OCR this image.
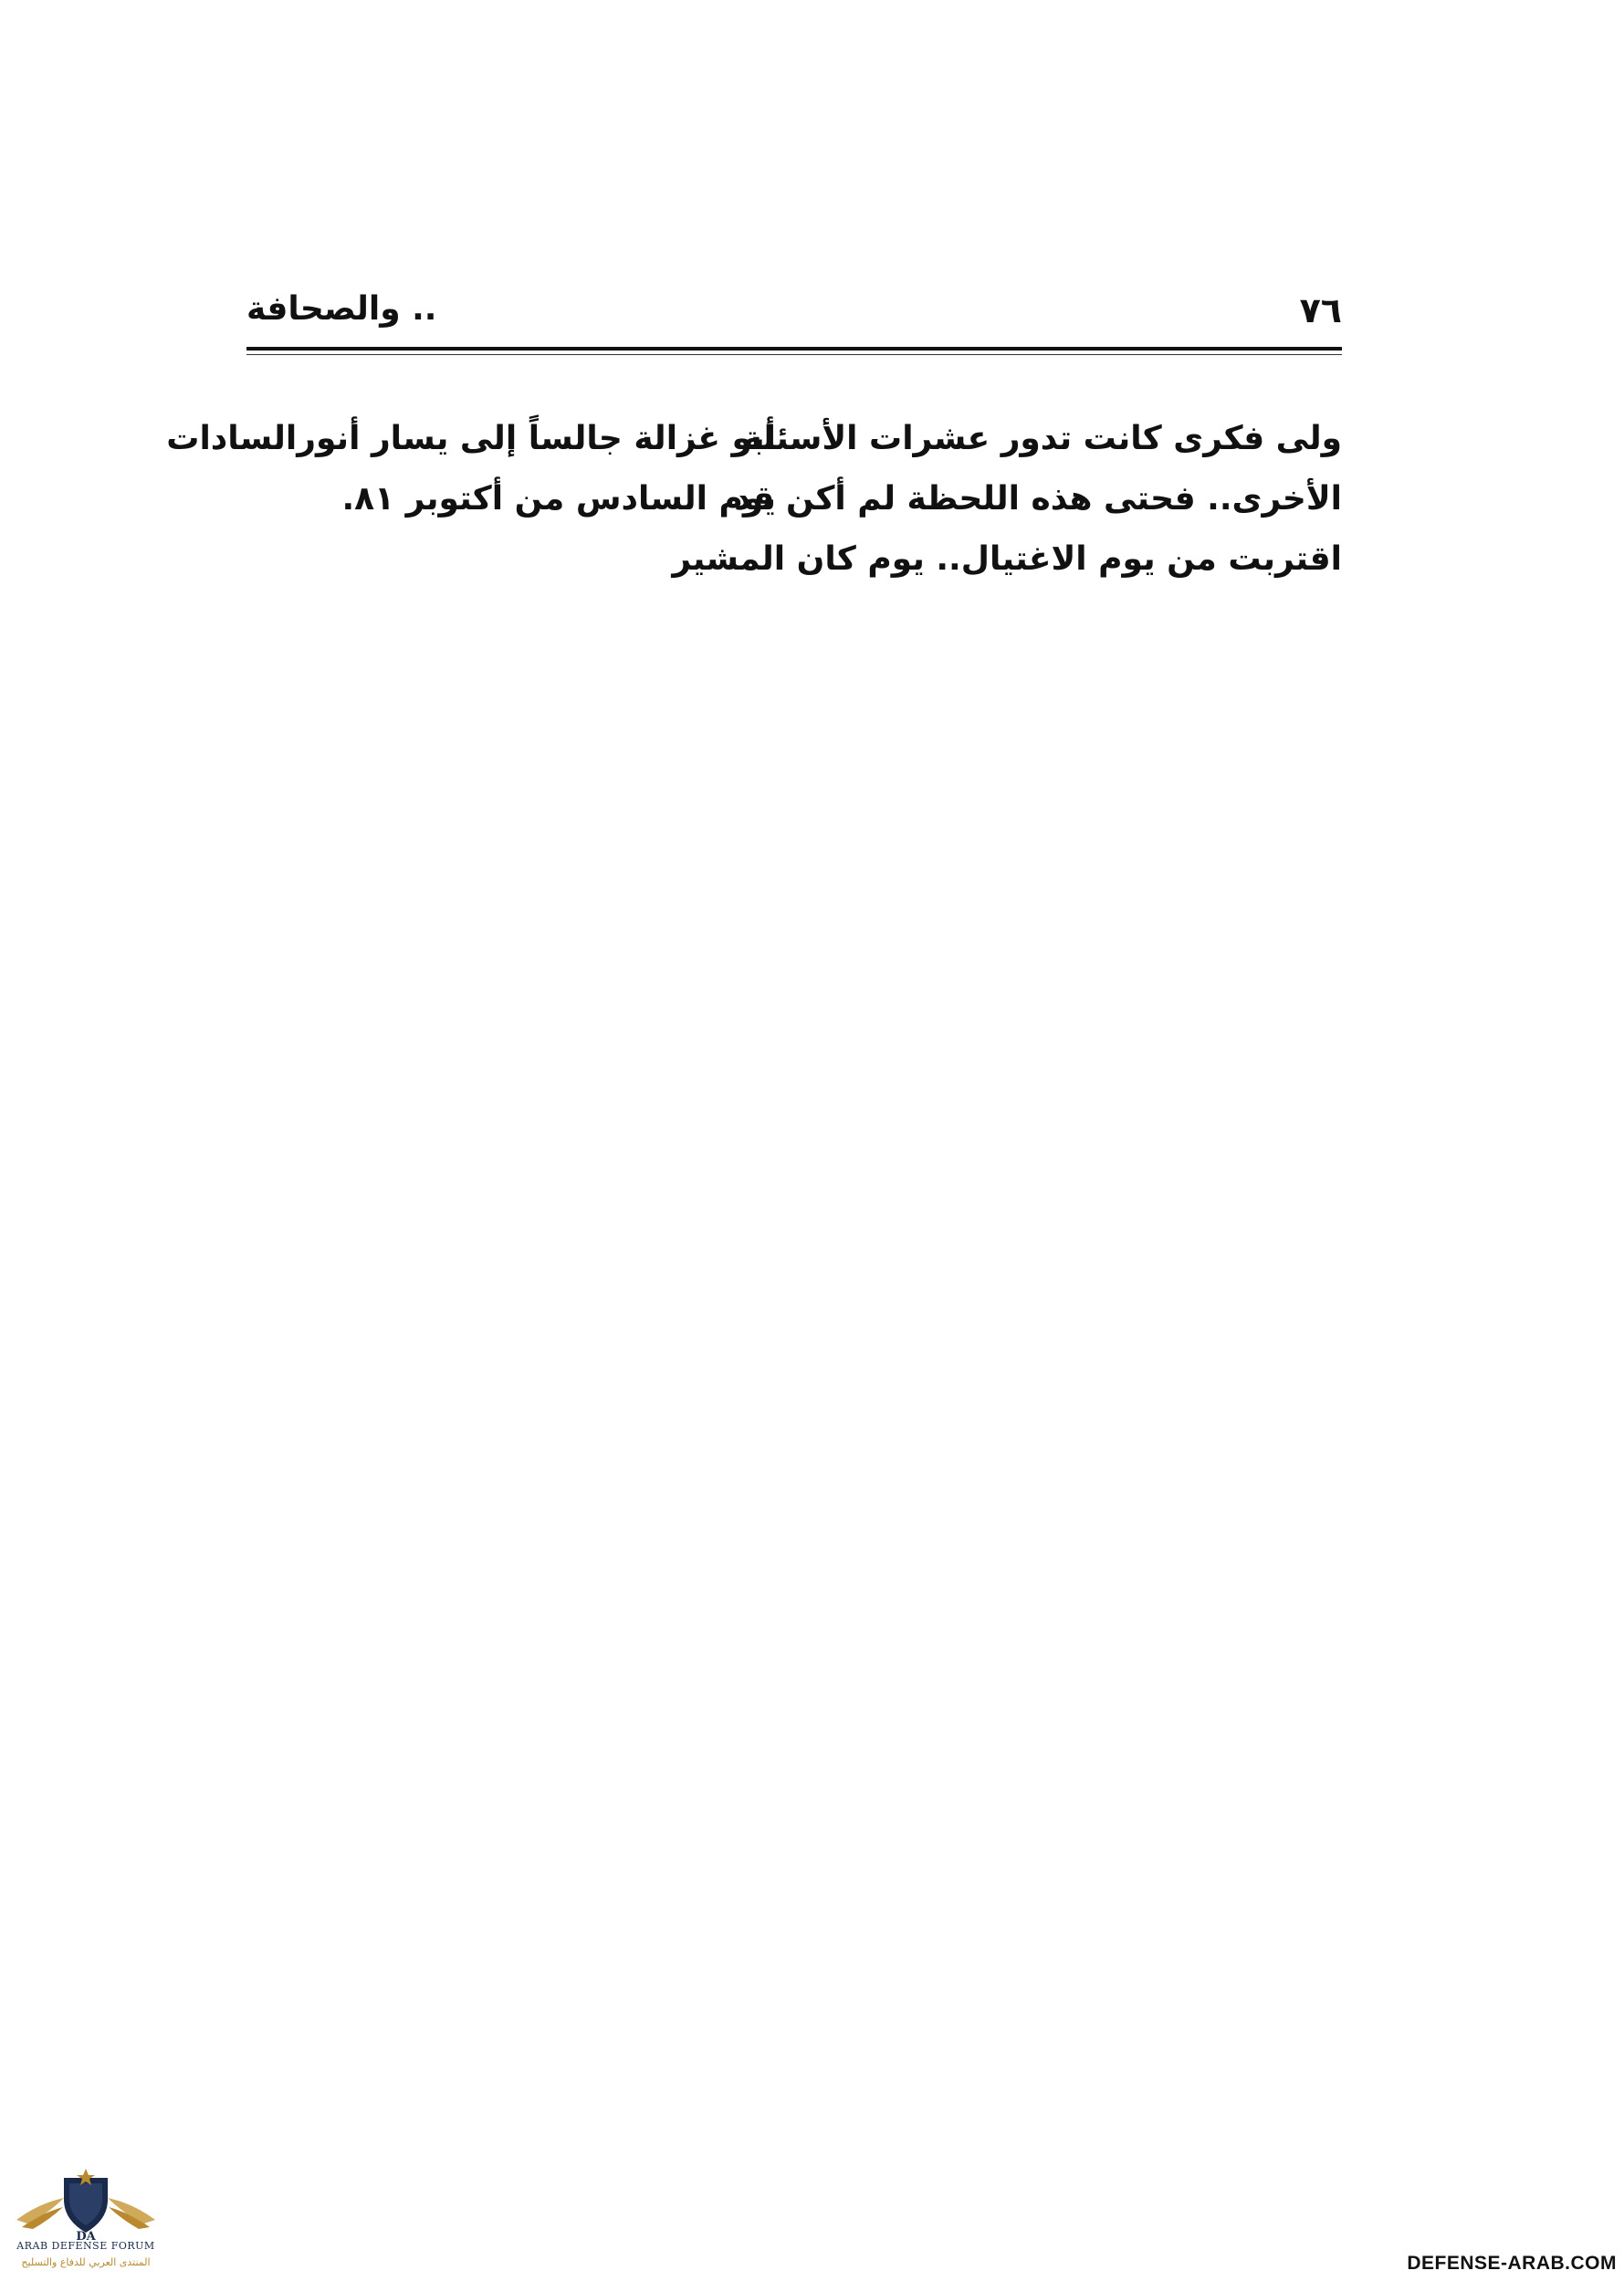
٧٦
.. والصحافة
ولى فكرى كانت تدور عشرات الأسئلة
الأخرى.. فحتى هذه اللحظة لم أكن قد
اقتربت من يوم الاغتيال.. يوم كان المشير
أبو غزالة جالساً إلى يسار أنورالسادات
يوم السادس من أكتوبر ٨١.
DA
ARAB DEFENSE FORUM
المنتدى العربي للدفاع والتسليح	DEFENSE-ARAB.COM
